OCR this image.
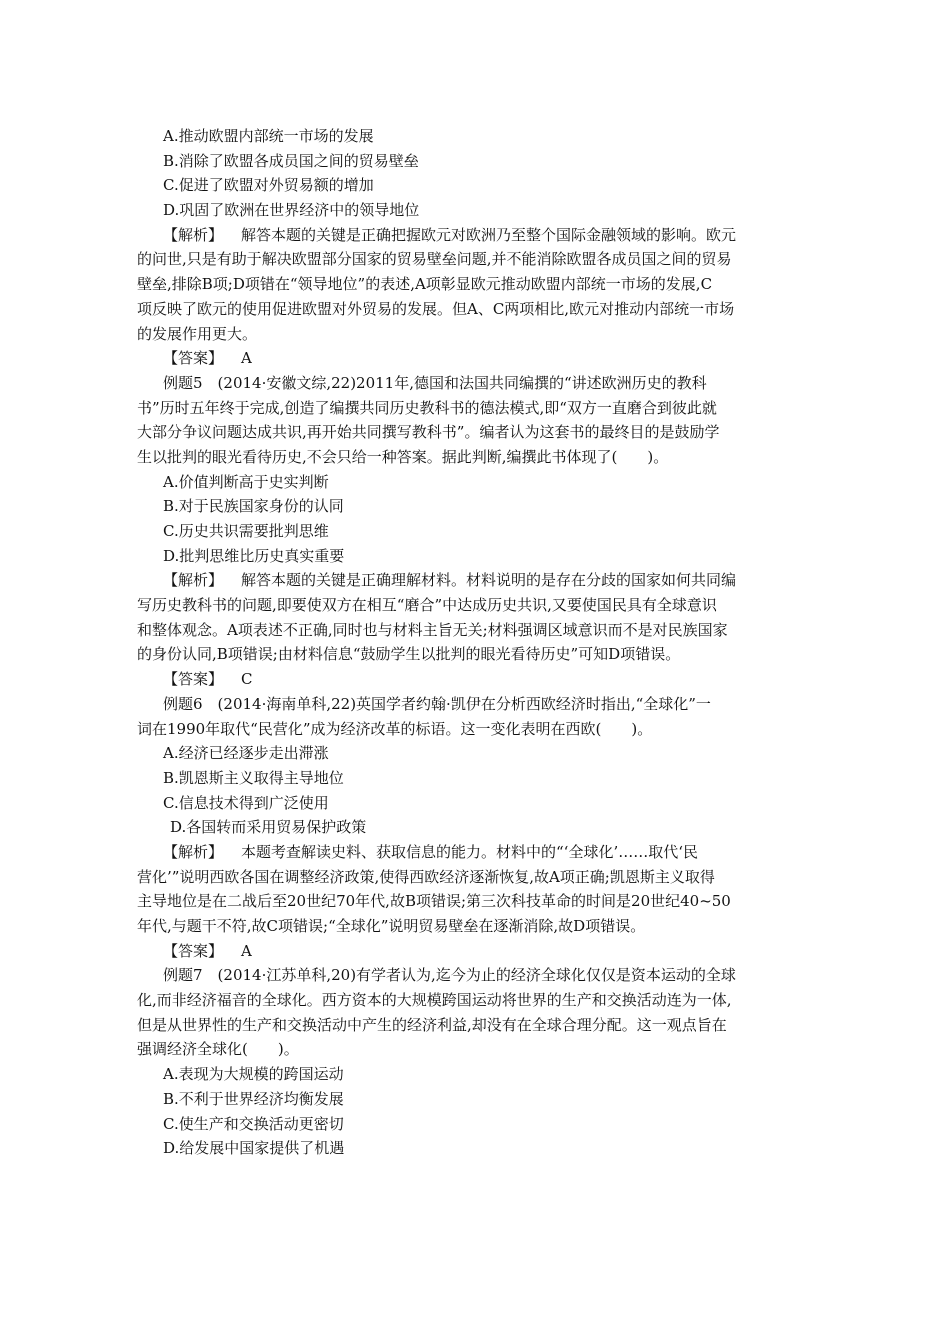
A.推动欧盟内部统一市场的发展
B.消除了欧盟各成员国之间的贸易壁垒
C.促进了欧盟对外贸易额的增加
D.巩固了欧洲在世界经济中的领导地位
【解析】 解答本题的关键是正确把握欧元对欧洲乃至整个国际金融领域的影响。欧元
的问世,只是有助于解决欧盟部分国家的贸易壁垒问题,并不能消除欧盟各成员国之间的贸易
壁垒,排除B项;D项错在“领导地位”的表述,A项彰显欧元推动欧盟内部统一市场的发展,C
项反映了欧元的使用促进欧盟对外贸易的发展。但A、C两项相比,欧元对推动内部统一市场
的发展作用更大。
【答案】 A
例题5　(2014·安徽文综,22)2011年,德国和法国共同编撰的“讲述欧洲历史的教科
书”历时五年终于完成,创造了编撰共同历史教科书的德法模式,即“双方一直磨合到彼此就
大部分争议问题达成共识,再开始共同撰写教科书”。编者认为这套书的最终目的是鼓励学
生以批判的眼光看待历史,不会只给一种答案。据此判断,编撰此书体现了(　　)。
A.价值判断高于史实判断
B.对于民族国家身份的认同
C.历史共识需要批判思维
D.批判思维比历史真实重要
【解析】 解答本题的关键是正确理解材料。材料说明的是存在分歧的国家如何共同编
写历史教科书的问题,即要使双方在相互“磨合”中达成历史共识,又要使国民具有全球意识
和整体观念。A项表述不正确,同时也与材料主旨无关;材料强调区域意识而不是对民族国家
的身份认同,B项错误;由材料信息“鼓励学生以批判的眼光看待历史”可知D项错误。
【答案】 C
例题6　(2014·海南单科,22)英国学者约翰·凯伊在分析西欧经济时指出,“全球化”一
词在1990年取代“民营化”成为经济改革的标语。这一变化表明在西欧(　　)。
A.经济已经逐步走出滞涨
B.凯恩斯主义取得主导地位
C.信息技术得到广泛使用
D.各国转而采用贸易保护政策
【解析】 本题考查解读史料、获取信息的能力。材料中的“‘全球化’……取代‘民
营化’”说明西欧各国在调整经济政策,使得西欧经济逐渐恢复,故A项正确;凯恩斯主义取得
主导地位是在二战后至20世纪70年代,故B项错误;第三次科技革命的时间是20世纪40~50
年代,与题干不符,故C项错误;“全球化”说明贸易壁垒在逐渐消除,故D项错误。
【答案】 A
例题7　(2014·江苏单科,20)有学者认为,迄今为止的经济全球化仅仅是资本运动的全球
化,而非经济福音的全球化。西方资本的大规模跨国运动将世界的生产和交换活动连为一体,
但是从世界性的生产和交换活动中产生的经济利益,却没有在全球合理分配。这一观点旨在
强调经济全球化(　　)。
A.表现为大规模的跨国运动
B.不利于世界经济均衡发展
C.使生产和交换活动更密切
D.给发展中国家提供了机遇
